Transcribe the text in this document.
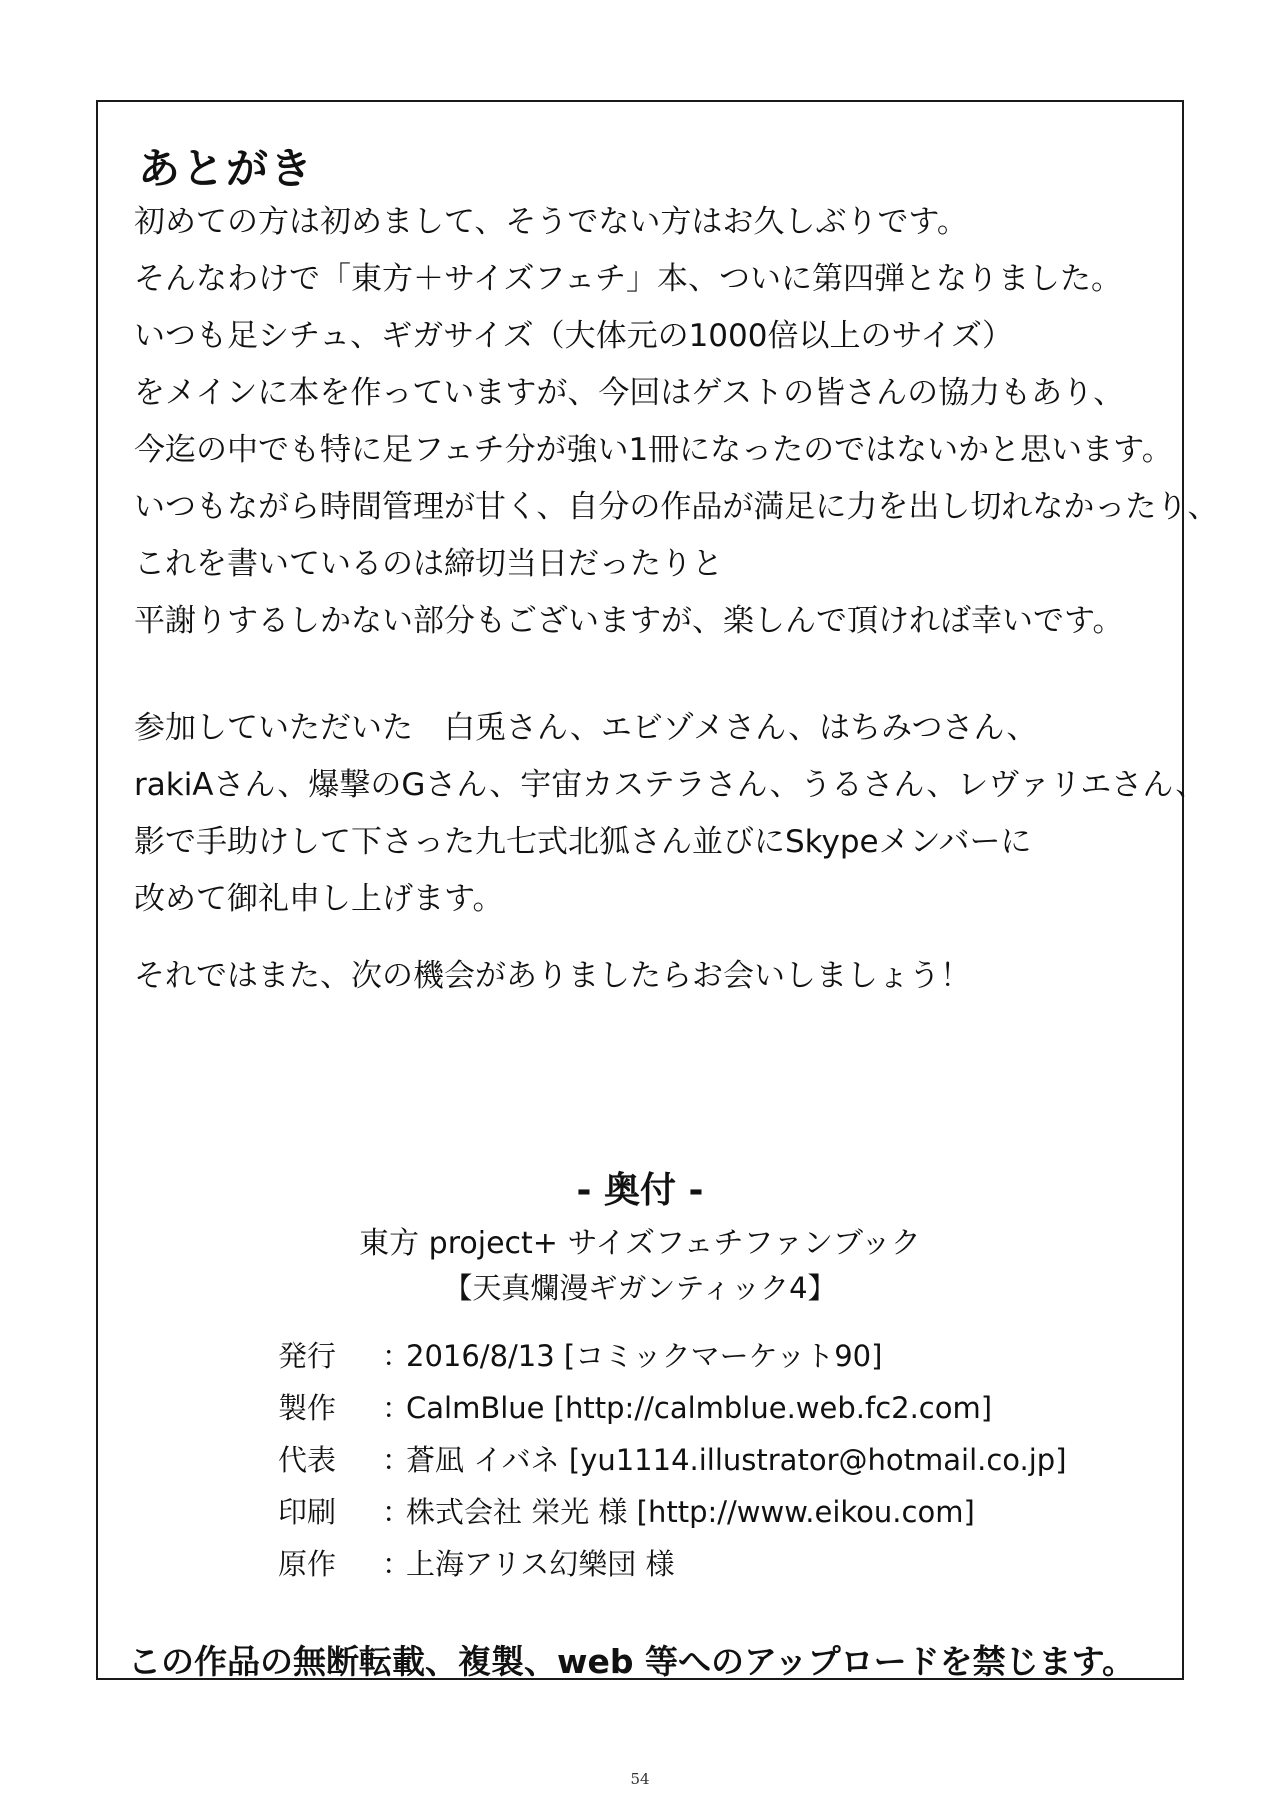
あとがき
初めての方は初めまして、そうでない方はお久しぶりです。
そんなわけで「東方＋サイズフェチ」本、ついに第四弾となりました。
いつも足シチュ、ギガサイズ（大体元の1000倍以上のサイズ）
をメインに本を作っていますが、今回はゲストの皆さんの協力もあり、
今迄の中でも特に足フェチ分が強い1冊になったのではないかと思います。
いつもながら時間管理が甘く、自分の作品が満足に力を出し切れなかったり、
これを書いているのは締切当日だったりと
平謝りするしかない部分もございますが、楽しんで頂ければ幸いです。
参加していただいた　白兎さん、エビゾメさん、はちみつさん、
rakiAさん、爆撃のGさん、宇宙カステラさん、うるさん、レヴァリエさん、
影で手助けして下さった九七式北狐さん並びにSkypeメンバーに
改めて御礼申し上げます。
それではまた、次の機会がありましたらお会いしましょう！
- 奥付 -
東方 project+ サイズフェチファンブック
【天真爛漫ギガンティック4】
発行 ：2016/8/13 [コミックマーケット90]
製作 ：CalmBlue [http://calmblue.web.fc2.com]
代表 ：蒼凪 イバネ [yu1114.illustrator@hotmail.co.jp]
印刷 ：株式会社 栄光 様 [http://www.eikou.com]
原作 ：上海アリス幻樂団 様
この作品の無断転載、複製、web 等へのアップロードを禁じます。
54
